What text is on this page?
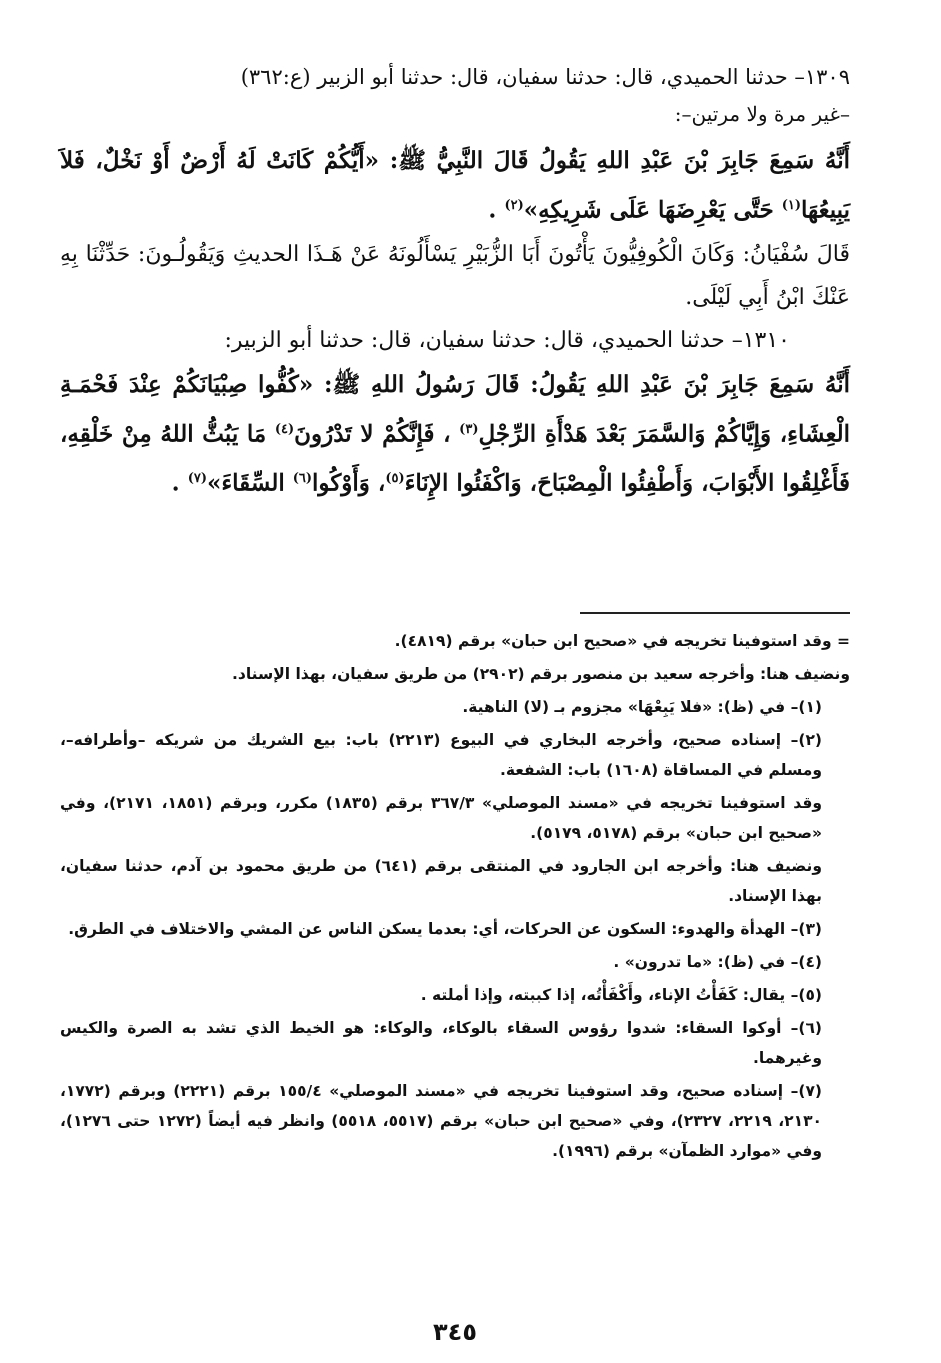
١٣٠٩– حدثنا الحميدي، قال: حدثنا سفيان، قال: حدثنا أبو الزبير (ع:٣٦٢)

–غير مرة ولا مرتين–:

أَنَّهُ سَمِعَ جَابِرَ بْنَ عَبْدِ اللهِ يَقُولُ قَالَ النَّبِيُّ ﷺ: «أَيُّكُمْ كَانَتْ لَهُ أَرْضٌ أَوْ نَخْلٌ، فَلاَ يَبِيعُهَا$^{(١)}$ حَتَّى يَعْرِضَهَا عَلَى شَرِيكِهِ»$^{(٢)}$ .

قَالَ سُفْيَانُ: وَكَانَ الْكُوفِيُّونَ يَأْتُونَ أَبَا الزُّبَيْرِ يَسْأَلُونَهُ عَنْ هَـذَا الحديثِ وَيَقُولُـونَ: حَدِّثْنَا بِهِ عَنْكَ ابْنُ أَبِي لَيْلَى.

١٣١٠– حدثنا الحميدي، قال: حدثنا سفيان، قال: حدثنا أبو الزبير:

أَنَّهُ سَمِعَ جَابِرَ بْنَ عَبْدِ اللهِ يَقُولُ: قَالَ رَسُولُ اللهِ ﷺ: «كُفُّوا صِبْيَانَكُمْ عِنْدَ فَحْمَـةِ الْعِشَاءِ، وَإِيَّاكُمْ وَالسَّمَرَ بَعْدَ هَدْأَةِ الرِّجْلِ$^{(٣)}$ ، فَإِنَّكُمْ لا تَدْرُونَ$^{(٤)}$ مَا يَبُثُّ اللهُ مِنْ خَلْقِهِ، فَأَغْلِقُوا الأَبْوَابَ، وَأَطْفِئُوا الْمِصْبَاحَ، وَاكْفَئُوا الإِنَاءَ$^{(٥)}$، وَأَوْكُوا$^{(٦)}$ السِّقَاءَ»$^{(٧)}$ .

= وقد استوفينا تخريجه في «صحيح ابن حبان» برقم (٤٨١٩).

ونضيف هنا: وأخرجه سعيد بن منصور برقم (٢٩٠٢) من طريق سفيان، بهذا الإسناد.

(١)– في (ظ): «فلا يَبِعْهَا» مجزوم بـ (لا) الناهية.

(٢)– إسناده صحيح، وأخرجه البخاري في البيوع (٢٢١٣) باب: بيع الشريك من شريكه –وأطرافه–، ومسلم في المساقاة (١٦٠٨) باب: الشفعة.

وقد استوفينا تخريجه في «مسند الموصلي» ٣٦٧/٣ برقم (١٨٣٥) مكرر، وبرقم (١٨٥١، ٢١٧١)، وفي «صحيح ابن حبان» برقم (٥١٧٨، ٥١٧٩).

ونضيف هنا: وأخرجه ابن الجارود في المنتقى برقم (٦٤١) من طريق محمود بن آدم، حدثنا سفيان، بهذا الإسناد.

(٣)– الهدأة والهدوء: السكون عن الحركات، أي: بعدما يسكن الناس عن المشي والاختلاف في الطرق.

(٤)– في (ظ): «ما تدرون» .

(٥)– يقال: كَفَأْتُ الإناء، وأَكْفَأْتُه، إذا كببته، وإذا أملته .

(٦)– أوكوا السقاء: شدوا رؤوس السقاء بالوكاء، والوكاء: هو الخيط الذي تشد به الصرة والكيس وغيرهما.

(٧)– إسناده صحيح، وقد استوفينا تخريجه في «مسند الموصلي» ١٥٥/٤ برقم (٢٢٢١) وبرقم (١٧٧٢، ٢١٣٠، ٢٢١٩، ٢٣٢٧)، وفي «صحيح ابن حبان» برقم (٥٥١٧، ٥٥١٨) وانظر فيه أيضاً (١٢٧٢ حتى ١٢٧٦)، وفي «موارد الظمآن» برقم (١٩٩٦).

٣٤٥
